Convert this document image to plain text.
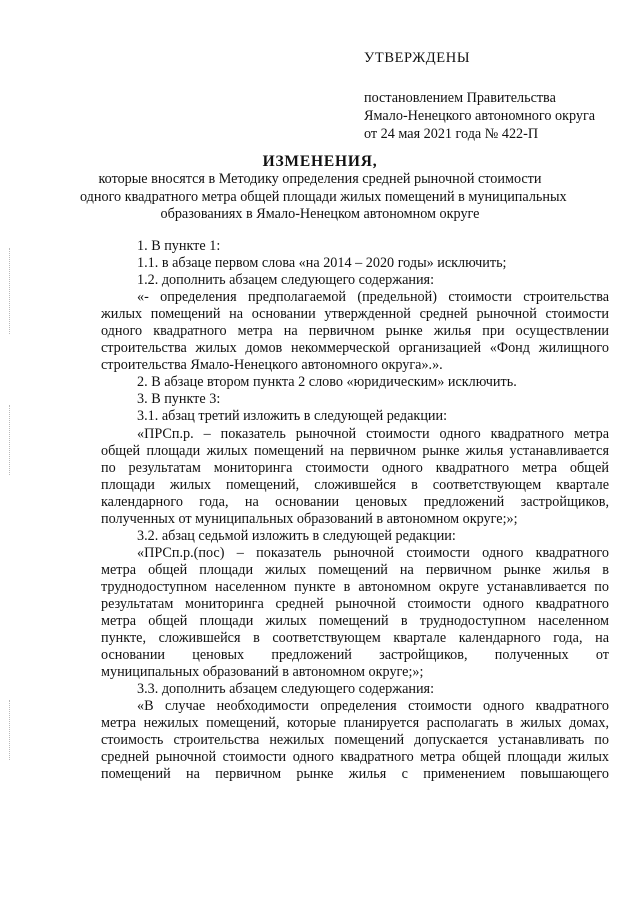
УТВЕРЖДЕНЫ
постановлением Правительства
Ямало-Ненецкого автономного округа
от 24 мая 2021 года № 422-П
ИЗМЕНЕНИЯ,
которые вносятся в Методику определения средней рыночной стоимости
одного квадратного метра общей площади жилых помещений в муниципальных
образованиях в Ямало-Ненецком автономном округе
1. В пункте 1:
1.1. в абзаце первом слова «на 2014 – 2020 годы» исключить;
1.2. дополнить абзацем следующего содержания:
«- определения предполагаемой (предельной) стоимости строительства
жилых помещений на основании утвержденной средней рыночной стоимости
одного квадратного метра на первичном рынке жилья при осуществлении
строительства жилых домов некоммерческой организацией «Фонд жилищного
строительства Ямало-Ненецкого автономного округа».».
2. В абзаце втором пункта 2 слово «юридическим» исключить.
3. В пункте 3:
3.1. абзац третий изложить в следующей редакции:
«ПРСп.р. – показатель рыночной стоимости одного квадратного метра
общей площади жилых помещений на первичном рынке жилья устанавливается
по результатам мониторинга стоимости одного квадратного метра общей
площади жилых помещений, сложившейся в соответствующем квартале
календарного года, на основании ценовых предложений застройщиков,
полученных от муниципальных образований в автономном округе;»;
3.2. абзац седьмой изложить в следующей редакции:
«ПРСп.р.(пос) – показатель рыночной стоимости одного квадратного
метра общей площади жилых помещений на первичном рынке жилья в
труднодоступном населенном пункте в автономном округе устанавливается по
результатам мониторинга средней рыночной стоимости одного квадратного
метра общей площади жилых помещений в труднодоступном населенном
пункте, сложившейся в соответствующем квартале календарного года, на
основании ценовых предложений застройщиков, полученных от
муниципальных образований в автономном округе;»;
3.3. дополнить абзацем следующего содержания:
«В случае необходимости определения стоимости одного квадратного
метра нежилых помещений, которые планируется располагать в жилых домах,
стоимость строительства нежилых помещений допускается устанавливать по
средней рыночной стоимости одного квадратного метра общей площади жилых
помещений на первичном рынке жилья с применением повышающего
